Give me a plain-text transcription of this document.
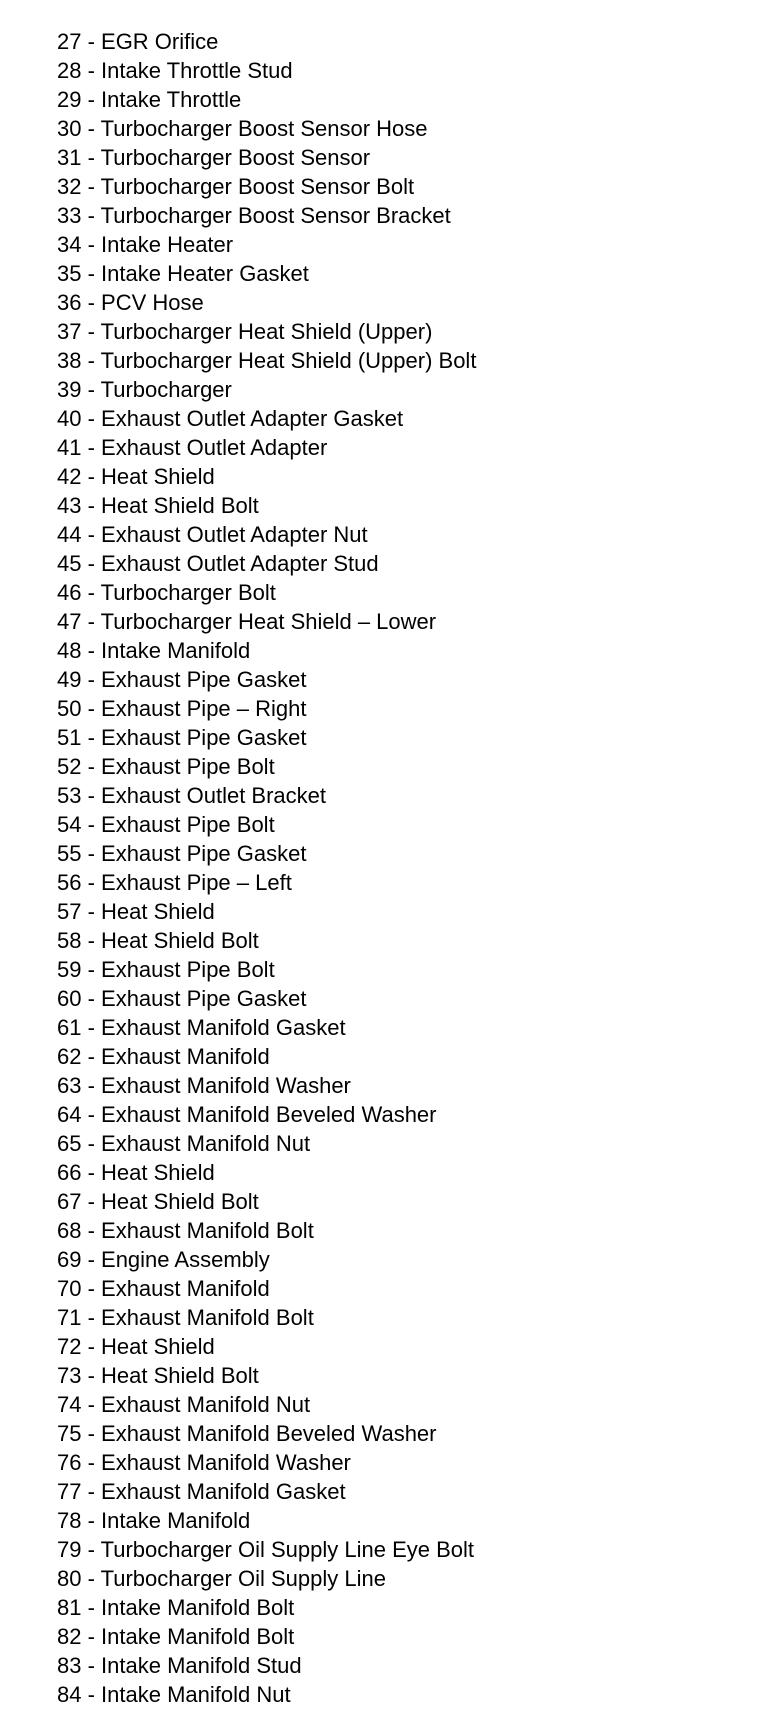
27 - EGR Orifice
28 - Intake Throttle Stud
29 - Intake Throttle
30 - Turbocharger Boost Sensor Hose
31 - Turbocharger Boost Sensor
32 - Turbocharger Boost Sensor Bolt
33 - Turbocharger Boost Sensor Bracket
34 - Intake Heater
35 - Intake Heater Gasket
36 - PCV Hose
37 - Turbocharger Heat Shield (Upper)
38 - Turbocharger Heat Shield (Upper) Bolt
39 - Turbocharger
40 - Exhaust Outlet Adapter Gasket
41 - Exhaust Outlet Adapter
42 - Heat Shield
43 - Heat Shield Bolt
44 - Exhaust Outlet Adapter Nut
45 - Exhaust Outlet Adapter Stud
46 - Turbocharger Bolt
47 - Turbocharger Heat Shield – Lower
48 - Intake Manifold
49 - Exhaust Pipe Gasket
50 - Exhaust Pipe – Right
51 - Exhaust Pipe Gasket
52 - Exhaust Pipe Bolt
53 - Exhaust Outlet Bracket
54 - Exhaust Pipe Bolt
55 - Exhaust Pipe Gasket
56 - Exhaust Pipe – Left
57 - Heat Shield
58 - Heat Shield Bolt
59 - Exhaust Pipe Bolt
60 - Exhaust Pipe Gasket
61 - Exhaust Manifold Gasket
62 - Exhaust Manifold
63 - Exhaust Manifold Washer
64 - Exhaust Manifold Beveled Washer
65 - Exhaust Manifold Nut
66 - Heat Shield
67 - Heat Shield Bolt
68 - Exhaust Manifold Bolt
69 - Engine Assembly
70 - Exhaust Manifold
71 - Exhaust Manifold Bolt
72 - Heat Shield
73 - Heat Shield Bolt
74 - Exhaust Manifold Nut
75 - Exhaust Manifold Beveled Washer
76 - Exhaust Manifold Washer
77 - Exhaust Manifold Gasket
78 - Intake Manifold
79 - Turbocharger Oil Supply Line Eye Bolt
80 - Turbocharger Oil Supply Line
81 - Intake Manifold Bolt
82 - Intake Manifold Bolt
83 - Intake Manifold Stud
84 - Intake Manifold Nut
